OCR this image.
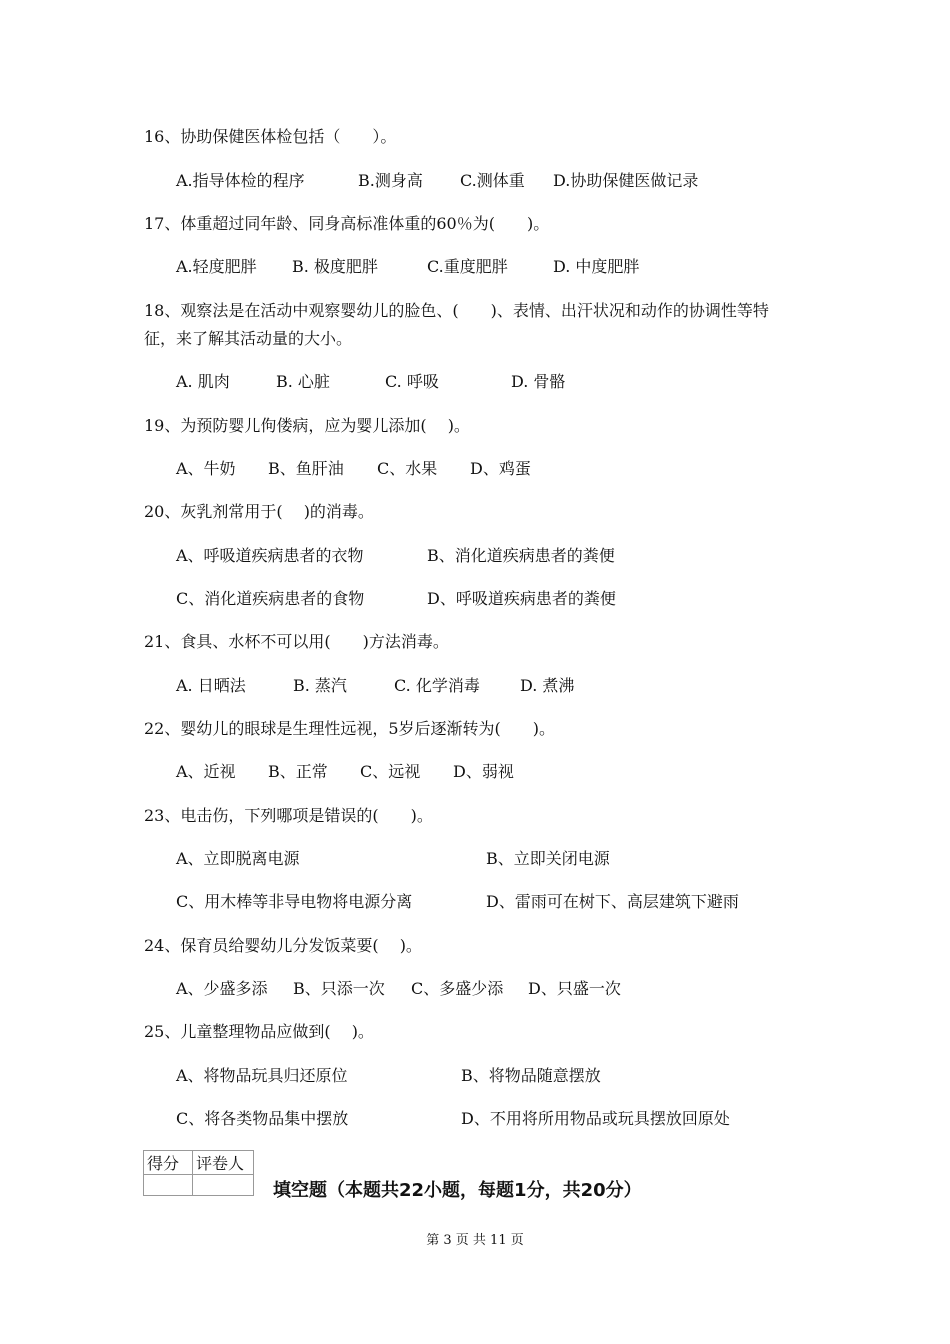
16、协助保健医体检包括（　　）。
A.指导体检的程序	B.测身高 C.测体重 D.协助保健医做记录
17、体重超过同年龄、同身高标准体重的60％为(　　)。
A.轻度肥胖 B. 极度肥胖	C.重度肥胖	D. 中度肥胖
18、观察法是在活动中观察婴幼儿的脸色、(　　)、表情、出汗状况和动作的协调性等特
征，来了解其活动量的大小。
A. 肌肉	B. 心脏	C. 呼吸	D. 骨骼
19、为预防婴儿佝偻病，应为婴儿添加(　 )。
A、牛奶 B、鱼肝油 C、水果 D、鸡蛋
20、灰乳剂常用于(　 )的消毒。
A、呼吸道疾病患者的衣物	B、消化道疾病患者的粪便
C、消化道疾病患者的食物	D、呼吸道疾病患者的粪便
21、食具、水杯不可以用(　　)方法消毒。
A. 日晒法	B. 蒸汽	C. 化学消毒	D. 煮沸
22、婴幼儿的眼球是生理性远视，5岁后逐渐转为(　　)。
A、近视 B、正常 C、远视 D、弱视
23、电击伤，下列哪项是错误的(　　)。
A、立即脱离电源	B、立即关闭电源
C、用木棒等非导电物将电源分离	D、雷雨可在树下、高层建筑下避雨
24、保育员给婴幼儿分发饭菜要(　 )。
A、少盛多添 B、只添一次 C、多盛少添 D、只盛一次
25、儿童整理物品应做到(　 )。
A、将物品玩具归还原位	B、将物品随意摆放
C、将各类物品集中摆放	D、不用将所用物品或玩具摆放回原处
得分	评卷人

填空题（本题共22小题，每题1分，共20分）
第 3 页 共 11 页
